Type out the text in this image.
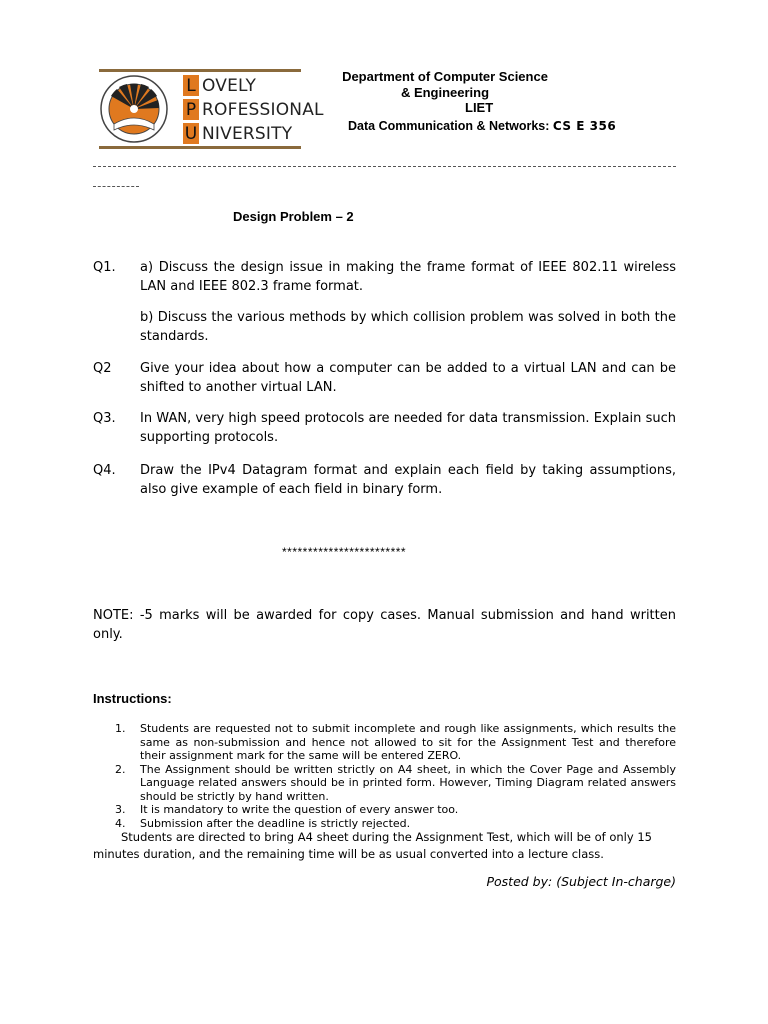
L OVELY
P ROFESSIONAL
U NIVERSITY
Department of Computer Science & Engineering
LIET
Data Communication & Networks: CS E 356
Design Problem – 2
Q1.	a) Discuss the design issue in making the frame format of IEEE 802.11 wireless LAN and IEEE 802.3 frame format.
b) Discuss the various methods by which collision problem was solved in both the standards.
Q2	Give your idea about how a computer can be added to a virtual LAN and can be shifted to another virtual LAN.
Q3.	In WAN, very high speed protocols are needed for data transmission. Explain such supporting protocols.
Q4.	Draw the IPv4 Datagram format and explain each field by taking assumptions, also give example of each field in binary form.
************************
NOTE: -5 marks will be awarded for copy cases. Manual submission and hand written only.
Instructions:
1. Students are requested not to submit incomplete and rough like assignments, which results the same as non-submission and hence not allowed to sit for the Assignment Test and therefore their assignment mark for the same will be entered ZERO.
2. The Assignment should be written strictly on A4 sheet, in which the Cover Page and Assembly Language related answers should be in printed form. However, Timing Diagram related answers should be strictly by hand written.
3. It is mandatory to write the question of every answer too.
4. Submission after the deadline is strictly rejected.
Students are directed to bring A4 sheet during the Assignment Test, which will be of only 15 minutes duration, and the remaining time will be as usual converted into a lecture class.
Posted by: (Subject In-charge)
